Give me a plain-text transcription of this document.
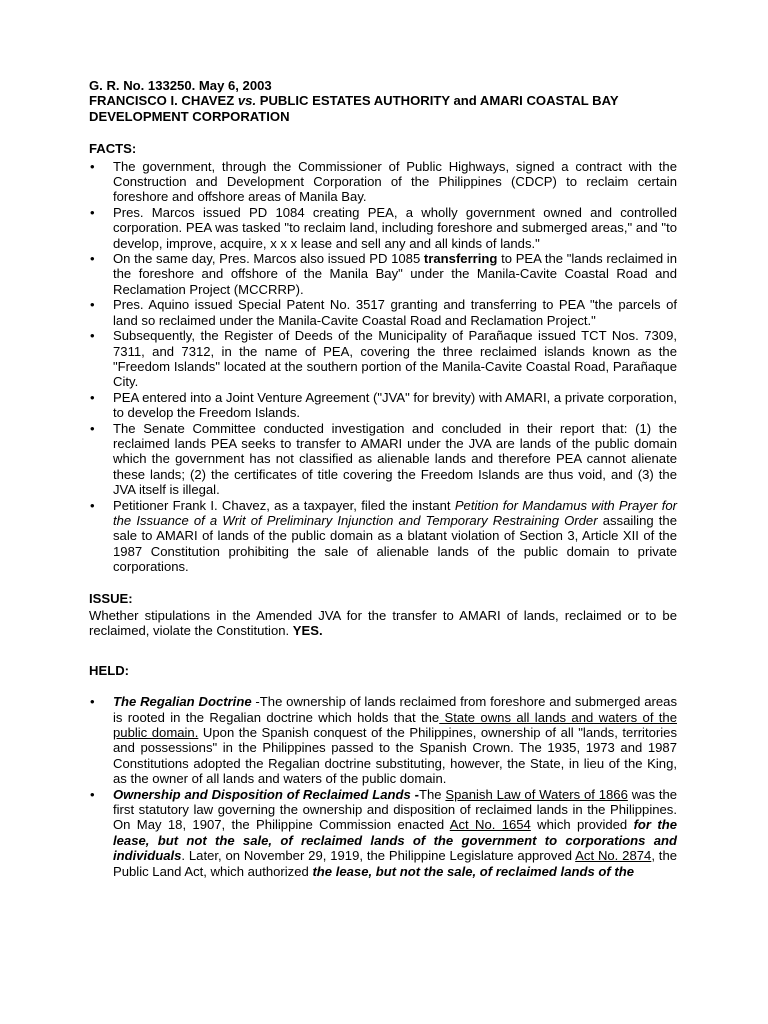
G. R. No. 133250. May 6, 2003

FRANCISCO I. CHAVEZ vs. PUBLIC ESTATES AUTHORITY and AMARI COASTAL BAY DEVELOPMENT CORPORATION

FACTS:
• The government, through the Commissioner of Public Highways, signed a contract with the Construction and Development Corporation of the Philippines (CDCP) to reclaim certain foreshore and offshore areas of Manila Bay.
• Pres. Marcos issued PD 1084 creating PEA, a wholly government owned and controlled corporation. PEA was tasked "to reclaim land, including foreshore and submerged areas," and "to develop, improve, acquire, x x x lease and sell any and all kinds of lands."
• On the same day, Pres. Marcos also issued PD 1085 transferring to PEA the "lands reclaimed in the foreshore and offshore of the Manila Bay" under the Manila-Cavite Coastal Road and Reclamation Project (MCCRRP).
• Pres. Aquino issued Special Patent No. 3517 granting and transferring to PEA "the parcels of land so reclaimed under the Manila-Cavite Coastal Road and Reclamation Project."
• Subsequently, the Register of Deeds of the Municipality of Parañaque issued TCT Nos. 7309, 7311, and 7312, in the name of PEA, covering the three reclaimed islands known as the "Freedom Islands" located at the southern portion of the Manila-Cavite Coastal Road, Parañaque City.
• PEA entered into a Joint Venture Agreement ("JVA" for brevity) with AMARI, a private corporation, to develop the Freedom Islands.
• The Senate Committee conducted investigation and concluded in their report that: (1) the reclaimed lands PEA seeks to transfer to AMARI under the JVA are lands of the public domain which the government has not classified as alienable lands and therefore PEA cannot alienate these lands; (2) the certificates of title covering the Freedom Islands are thus void, and (3) the JVA itself is illegal.
• Petitioner Frank I. Chavez, as a taxpayer, filed the instant Petition for Mandamus with Prayer for the Issuance of a Writ of Preliminary Injunction and Temporary Restraining Order assailing the sale to AMARI of lands of the public domain as a blatant violation of Section 3, Article XII of the 1987 Constitution prohibiting the sale of alienable lands of the public domain to private corporations.
ISSUE:

Whether stipulations in the Amended JVA for the transfer to AMARI of lands, reclaimed or to be reclaimed, violate the Constitution. YES.

HELD:
• The Regalian Doctrine -The ownership of lands reclaimed from foreshore and submerged areas is rooted in the Regalian doctrine which holds that the State owns all lands and waters of the public domain. Upon the Spanish conquest of the Philippines, ownership of all "lands, territories and possessions" in the Philippines passed to the Spanish Crown. The 1935, 1973 and 1987 Constitutions adopted the Regalian doctrine substituting, however, the State, in lieu of the King, as the owner of all lands and waters of the public domain.
• Ownership and Disposition of Reclaimed Lands -The Spanish Law of Waters of 1866 was the first statutory law governing the ownership and disposition of reclaimed lands in the Philippines. On May 18, 1907, the Philippine Commission enacted Act No. 1654 which provided for the lease, but not the sale, of reclaimed lands of the government to corporations and individuals. Later, on November 29, 1919, the Philippine Legislature approved Act No. 2874, the Public Land Act, which authorized the lease, but not the sale, of reclaimed lands of the
